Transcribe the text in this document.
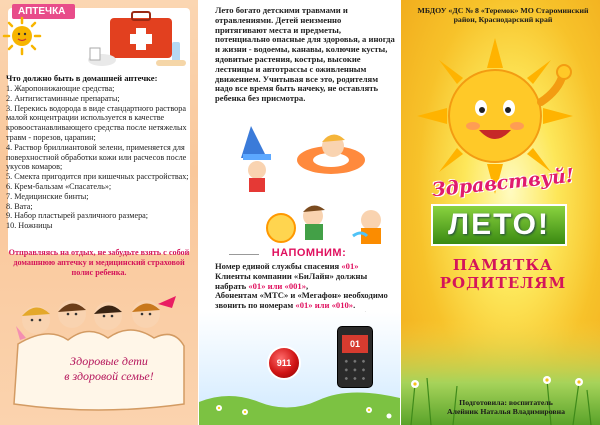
АПТЕЧКА
Что должно быть в домашней аптечке:
1. Жаропонижающие средства;
2. Антигистаминные препараты;
3. Перекись водорода в виде стандартного раствора малой концентрации используется в качестве кровоостанавливающего средства после нетяжелых травм - порезов, царапин;
4. Раствор бриллиантовой зелени, применяется для поверхностной обработки кожи или расчесов после укусов комаров;
5. Смекта пригодится при кишечных расстройствах;
6. Крем-бальзам «Спасатель»;
7. Медицинские бинты;
8. Вата;
9. Набор пластырей различного размера;
10. Ножницы
Отправляясь на отдых, не забудьте взять с собой домашнюю аптечку и медицинский страховой полис ребенка.
Здоровые дети
в здоровой семье!
Лето богато детскими травмами и отравлениями. Детей неизменно притягивают места и предметы, потенциально опасные для здоровья, а иногда и жизни - водоемы, канавы, колючие кусты, ядовитые растения, костры, высокие лестницы и автотрассы с оживленным движением. Учитывая все это, родителям надо все время быть начеку, не оставлять ребенка без присмотра.
НАПОМНИМ:
Номер единой службы спасения «01»
Клиенты компании «БиЛайн» должны набрать «01» или «001»,
Абонентам «МТС» и «Мегафон» необходимо звонить по номерам «01» или «010».
911
01
МБДОУ «ДС № 8 «Теремок» МО Староминский район, Краснодарский край
Здравствуй!
ЛЕТО!
ПАМЯТКА
РОДИТЕЛЯМ
Подготовила: воспитатель
Алейник Наталья Владимировна
